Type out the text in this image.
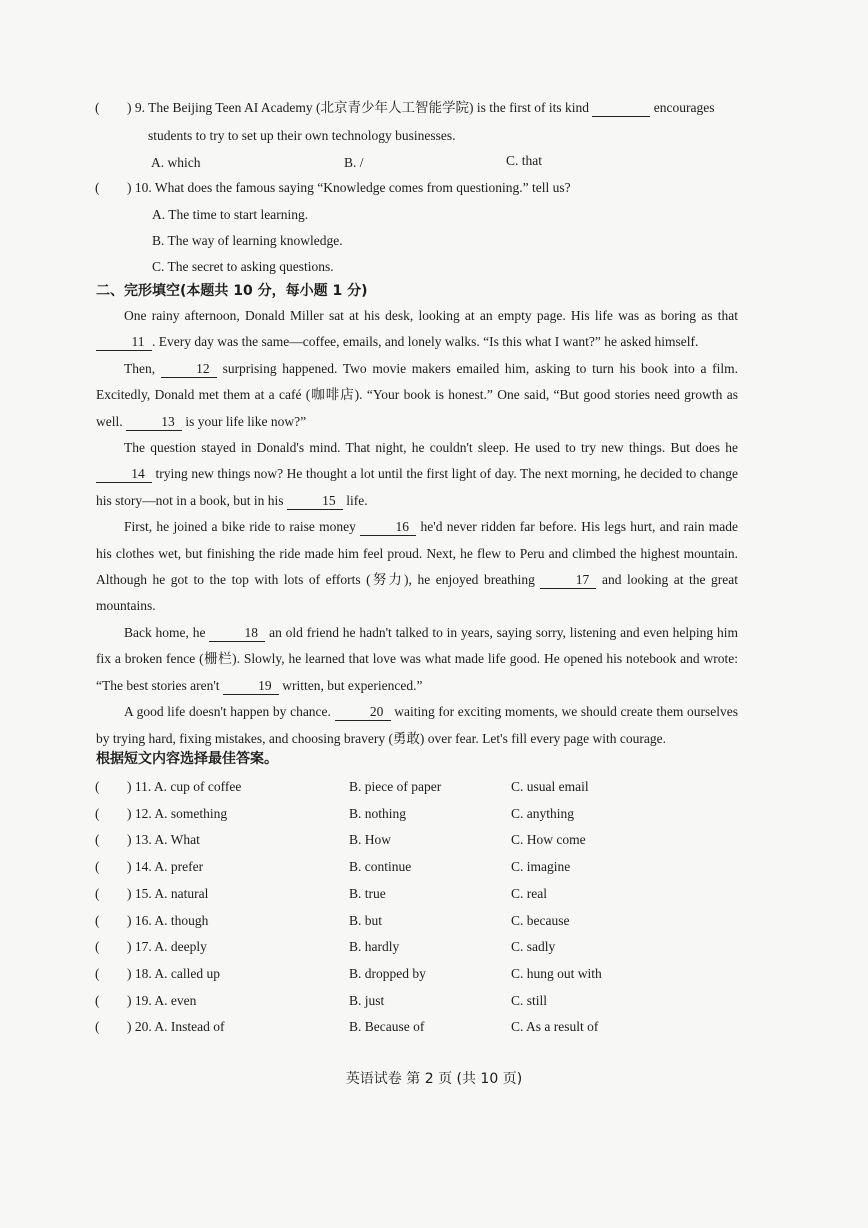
( ) 9. The Beijing Teen AI Academy (北京青少年人工智能学院) is the first of its kind	encourages
students to try to set up their own technology businesses.
A. which	B. /	C. that
( ) 10. What does the famous saying “Knowledge comes from questioning.” tell us?
A. The time to start learning.
B. The way of learning knowledge.
C. The secret to asking questions.
二、完形填空(本题共 10 分，每小题 1 分)

One rainy afternoon, Donald Miller sat at his desk, looking at an empty page. His life was as boring as that 11 . Every day was the same—coffee, emails, and lonely walks. “Is this what I want?” he asked himself.

Then,	12 surprising happened. Two movie makers emailed him, asking to turn his book into a film. Excitedly, Donald met them at a café (咖啡店). “Your book is honest.” One said, “But good stories need growth as well.	13 is your life like now?”

The question stayed in Donald's mind. That night, he couldn't sleep. He used to try new things. But does he 14 trying new things now? He thought a lot until the first light of day. The next morning, he decided to change his story—not in a book, but in his	15 life.

First, he joined a bike ride to raise money	16 he'd never ridden far before. His legs hurt, and rain made his clothes wet, but finishing the ride made him feel proud. Next, he flew to Peru and climbed the highest mountain. Although he got to the top with lots of efforts (努力), he enjoyed breathing	17 and looking at the great mountains.

Back home, he	18 an old friend he hadn't talked to in years, saying sorry, listening and even helping him fix a broken fence (栅栏). Slowly, he learned that love was what made life good. He opened his notebook and wrote: “The best stories aren't	19 written, but experienced.”

A good life doesn't happen by chance.	20 waiting for exciting moments, we should create them ourselves by trying hard, fixing mistakes, and choosing bravery (勇敢) over fear. Let's fill every page with courage.

根据短文内容选择最佳答案。
( ) 11. A. cup of coffee	B. piece of paper	C. usual email
( ) 12. A. something	B. nothing	C. anything
( ) 13. A. What	B. How	C. How come
( ) 14. A. prefer	B. continue	C. imagine
( ) 15. A. natural	B. true	C. real
( ) 16. A. though	B. but	C. because
( ) 17. A. deeply	B. hardly	C. sadly
( ) 18. A. called up	B. dropped by	C. hung out with
( ) 19. A. even	B. just	C. still
( ) 20. A. Instead of	B. Because of	C. As a result of
英语试卷 第 2 页 (共 10 页)
